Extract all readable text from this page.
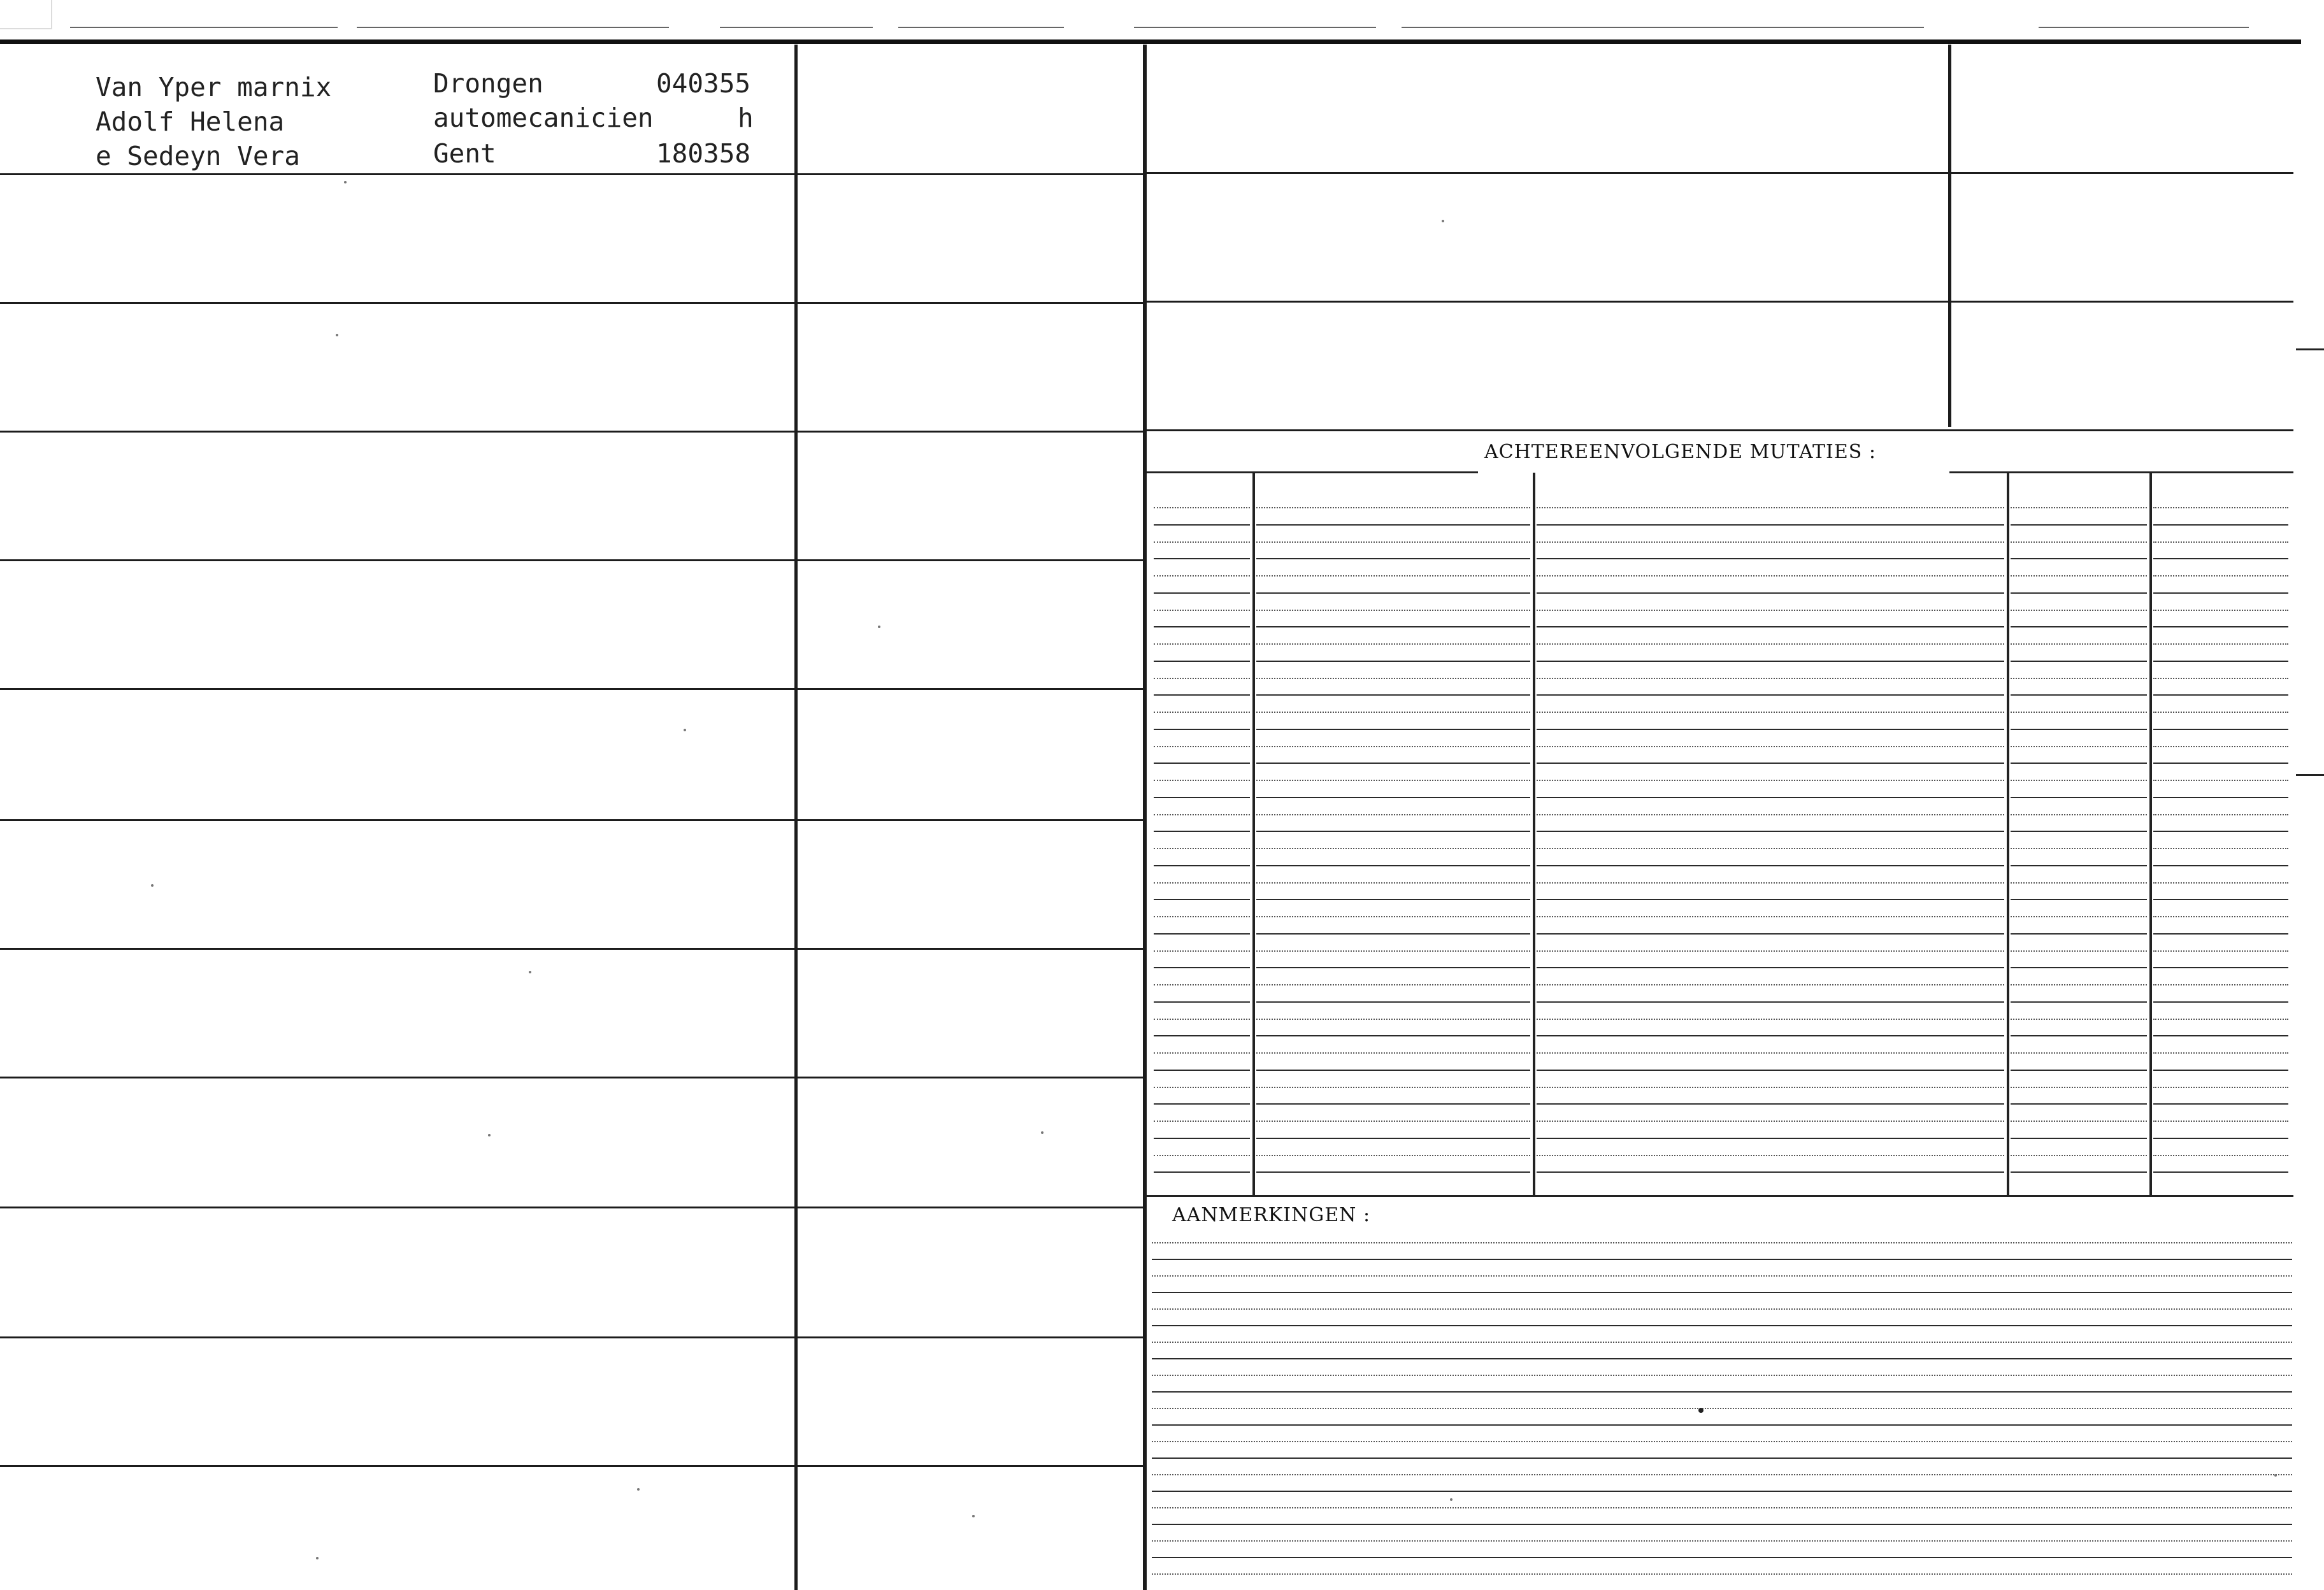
Van Yper marnix
Adolf Helena
e Sedeyn Vera
Drongen	040355
automecanicien	h
Gent	180358
ACHTEREENVOLGENDE MUTATIES :
AANMERKINGEN :
